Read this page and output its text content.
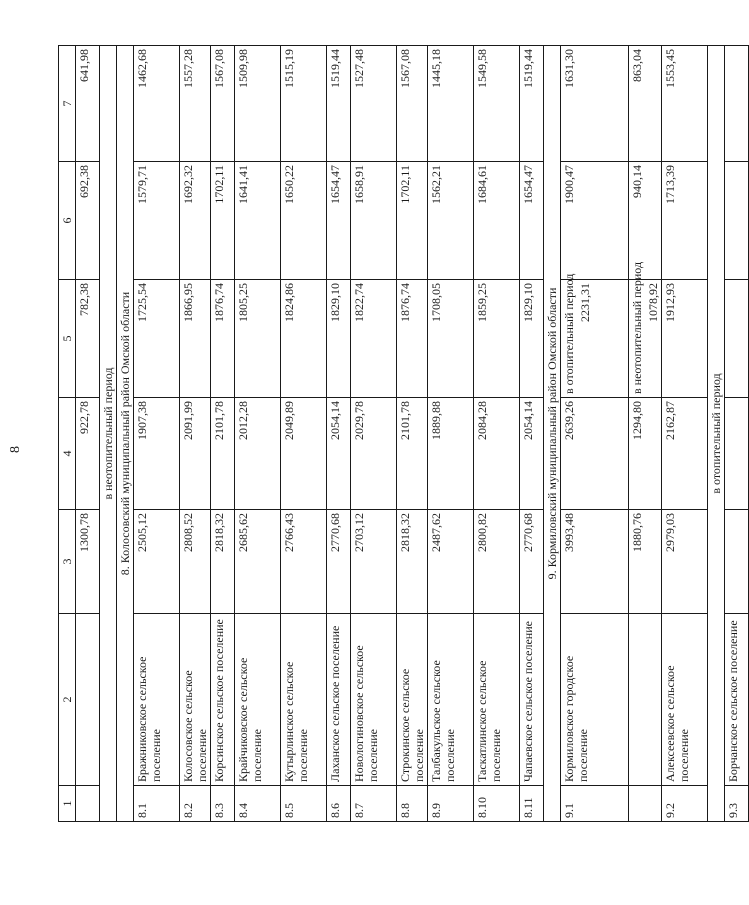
8
1	2	3	4	5	6	7
		1300,78	922,78	782,38	692,38	641,98
в неотопительный период						
8. Колосовский муниципальный район Омской области						
8.1	Бражниковское сельское поселение	2505,12	1907,38	1725,54	1579,71	1462,68
8.2	Колосовское сельское поселение	2808,52	2091,99	1866,95	1692,32	1557,28
8.3	Корсинское сельское поселение	2818,32	2101,78	1876,74	1702,11	1567,08
8.4	Крайчиковское сельское поселение	2685,62	2012,28	1805,25	1641,41	1509,98
8.5	Кутырлинское сельское поселение	2766,43	2049,89	1824,86	1650,22	1515,19
8.6	Лаханское сельское поселение	2770,68	2054,14	1829,10	1654,47	1519,44
8.7	Новологиновское сельское поселение	2703,12	2029,78	1822,74	1658,91	1527,48
8.8	Строкинское сельское поселение	2818,32	2101,78	1876,74	1702,11	1567,08
8.9	Талбакульское сельское поселение	2487,62	1889,88	1708,05	1562,21	1445,18
8.10	Таскатлинское сельское поселение	2800,82	2084,28	1859,25	1684,61	1549,58
8.11	Чапаевское сельское поселение	2770,68	2054,14	1829,10	1654,47	1519,44
9. Кормиловский муниципальный район Омской области						
9.1	Кормиловское городское поселение	3993,48	2639,26	в отопительный период 2231,31	1900,47	1631,30

	1880,76	1294,80	в неотопительный период 1078,92	940,14	863,04
9.2	Алексеевское сельское поселение	2979,03	2162,87	1912,93	1713,39	1553,45
в отопительный период						
9.3	Борчанское сельское поселение					
